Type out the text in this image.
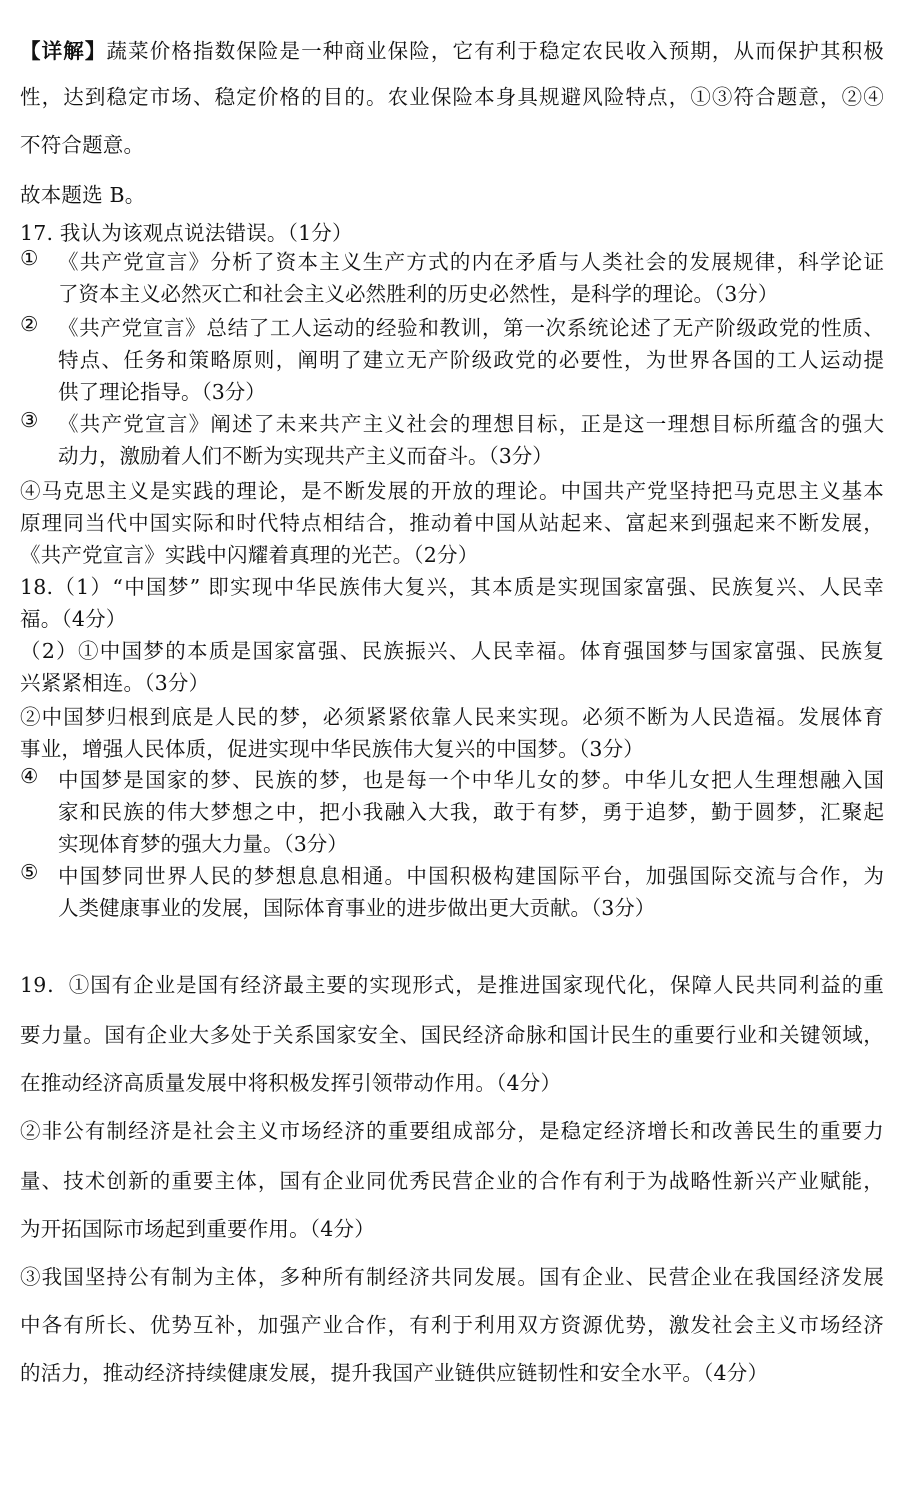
【详解】蔬菜价格指数保险是一种商业保险，它有利于稳定农民收入预期，从而保护其积极
性，达到稳定市场、稳定价格的目的。农业保险本身具规避风险特点，①③符合题意，②④
不符合题意。
故本题选 B。
17. 我认为该观点说法错误。（1分）
① 《共产党宣言》分析了资本主义生产方式的内在矛盾与人类社会的发展规律，科学论证
了资本主义必然灭亡和社会主义必然胜利的历史必然性，是科学的理论。（3分）
② 《共产党宣言》总结了工人运动的经验和教训，第一次系统论述了无产阶级政党的性质、
特点、任务和策略原则，阐明了建立无产阶级政党的必要性，为世界各国的工人运动提
供了理论指导。（3分）
③ 《共产党宣言》阐述了未来共产主义社会的理想目标，正是这一理想目标所蕴含的强大
动力，激励着人们不断为实现共产主义而奋斗。（3分）
④马克思主义是实践的理论，是不断发展的开放的理论。中国共产党坚持把马克思主义基本
原理同当代中国实际和时代特点相结合，推动着中国从站起来、富起来到强起来不断发展，
《共产党宣言》实践中闪耀着真理的光芒。（2分）
18.（1）“中国梦” 即实现中华民族伟大复兴，其本质是实现国家富强、民族复兴、人民幸
福。（4分）
（2）①中国梦的本质是国家富强、民族振兴、人民幸福。体育强国梦与国家富强、民族复
兴紧紧相连。（3分）
②中国梦归根到底是人民的梦，必须紧紧依靠人民来实现。必须不断为人民造福。发展体育
事业，增强人民体质，促进实现中华民族伟大复兴的中国梦。（3分）
④ 中国梦是国家的梦、民族的梦，也是每一个中华儿女的梦。中华儿女把人生理想融入国
家和民族的伟大梦想之中，把小我融入大我，敢于有梦，勇于追梦，勤于圆梦，汇聚起
实现体育梦的强大力量。（3分）
⑤ 中国梦同世界人民的梦想息息相通。中国积极构建国际平台，加强国际交流与合作，为
人类健康事业的发展，国际体育事业的进步做出更大贡献。（3分）
19．①国有企业是国有经济最主要的实现形式，是推进国家现代化，保障人民共同利益的重
要力量。国有企业大多处于关系国家安全、国民经济命脉和国计民生的重要行业和关键领域，
在推动经济高质量发展中将积极发挥引领带动作用。（4分）
②非公有制经济是社会主义市场经济的重要组成部分，是稳定经济增长和改善民生的重要力
量、技术创新的重要主体，国有企业同优秀民营企业的合作有利于为战略性新兴产业赋能，
为开拓国际市场起到重要作用。（4分）
③我国坚持公有制为主体，多种所有制经济共同发展。国有企业、民营企业在我国经济发展
中各有所长、优势互补，加强产业合作，有利于利用双方资源优势，激发社会主义市场经济
的活力，推动经济持续健康发展，提升我国产业链供应链韧性和安全水平。（4分）
